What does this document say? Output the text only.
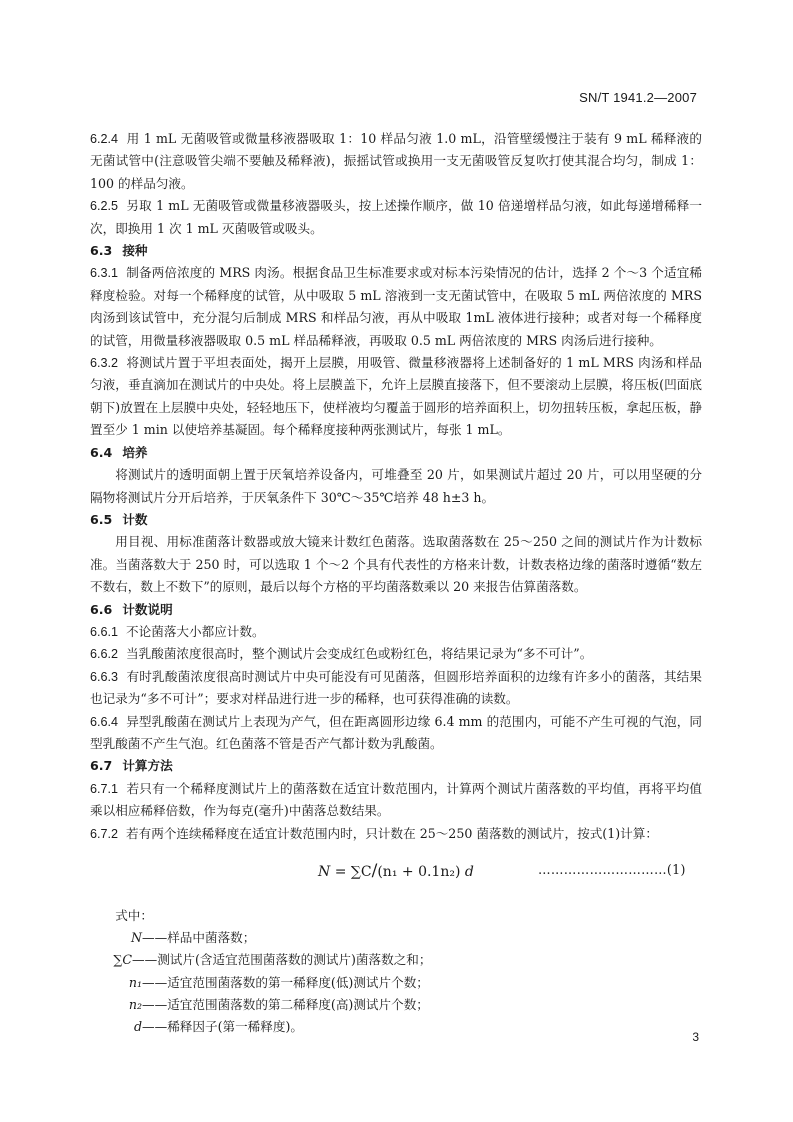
SN/T 1941.2—2007

6.2.4 用 1 mL 无菌吸管或微量移液器吸取 1：10 样品匀液 1.0 mL，沿管壁缓慢注于装有 9 mL 稀释液的无菌试管中(注意吸管尖端不要触及稀释液)，振摇试管或换用一支无菌吸管反复吹打使其混合均匀，制成 1：100 的样品匀液。

6.2.5 另取 1 mL 无菌吸管或微量移液器吸头，按上述操作顺序，做 10 倍递增样品匀液，如此每递增稀释一次，即换用 1 次 1 mL 灭菌吸管或吸头。

6.3 接种

6.3.1 制备两倍浓度的 MRS 肉汤。根据食品卫生标准要求或对标本污染情况的估计，选择 2 个～3 个适宜稀释度检验。对每一个稀释度的试管，从中吸取 5 mL 溶液到一支无菌试管中，在吸取 5 mL 两倍浓度的 MRS 肉汤到该试管中，充分混匀后制成 MRS 和样品匀液，再从中吸取 1mL 液体进行接种；或者对每一个稀释度的试管，用微量移液器吸取 0.5 mL 样品稀释液，再吸取 0.5 mL 两倍浓度的 MRS 肉汤后进行接种。

6.3.2 将测试片置于平坦表面处，揭开上层膜，用吸管、微量移液器将上述制备好的 1 mL MRS 肉汤和样品匀液，垂直滴加在测试片的中央处。将上层膜盖下，允许上层膜直接落下，但不要滚动上层膜，将压板(凹面底朝下)放置在上层膜中央处，轻轻地压下，使样液均匀覆盖于圆形的培养面积上，切勿扭转压板，拿起压板，静置至少 1 min 以使培养基凝固。每个稀释度接种两张测试片，每张 1 mL。

6.4 培养

将测试片的透明面朝上置于厌氧培养设备内，可堆叠至 20 片，如果测试片超过 20 片，可以用坚硬的分隔物将测试片分开后培养，于厌氧条件下 30℃～35℃培养 48 h±3 h。

6.5 计数

用目视、用标准菌落计数器或放大镜来计数红色菌落。选取菌落数在 25～250 之间的测试片作为计数标准。当菌落数大于 250 时，可以选取 1 个～2 个具有代表性的方格来计数，计数表格边缘的菌落时遵循“数左不数右，数上不数下”的原则，最后以每个方格的平均菌落数乘以 20 来报告估算菌落数。

6.6 计数说明

6.6.1 不论菌落大小都应计数。

6.6.2 当乳酸菌浓度很高时，整个测试片会变成红色或粉红色，将结果记录为“多不可计”。

6.6.3 有时乳酸菌浓度很高时测试片中央可能没有可见菌落，但圆形培养面积的边缘有许多小的菌落，其结果也记录为“多不可计”；要求对样品进行进一步的稀释，也可获得准确的读数。

6.6.4 异型乳酸菌在测试片上表现为产气，但在距离圆形边缘 6.4 mm 的范围内，可能不产生可视的气泡，同型乳酸菌不产生气泡。红色菌落不管是否产气都计数为乳酸菌。

6.7 计算方法

6.7.1 若只有一个稀释度测试片上的菌落数在适宜计数范围内，计算两个测试片菌落数的平均值，再将平均值乘以相应稀释倍数，作为每克(毫升)中菌落总数结果。

6.7.2 若有两个连续稀释度在适宜计数范围内时，只计数在 25～250 菌落数的测试片，按式(1)计算：

N = ∑C/(n₁ + 0.1n₂) d	…………………………(1)

式中：

N——样品中菌落数；

∑C——测试片(含适宜范围菌落数的测试片)菌落数之和；

n₁——适宜范围菌落数的第一稀释度(低)测试片个数；

n₂——适宜范围菌落数的第二稀释度(高)测试片个数；

d——稀释因子(第一稀释度)。

3
